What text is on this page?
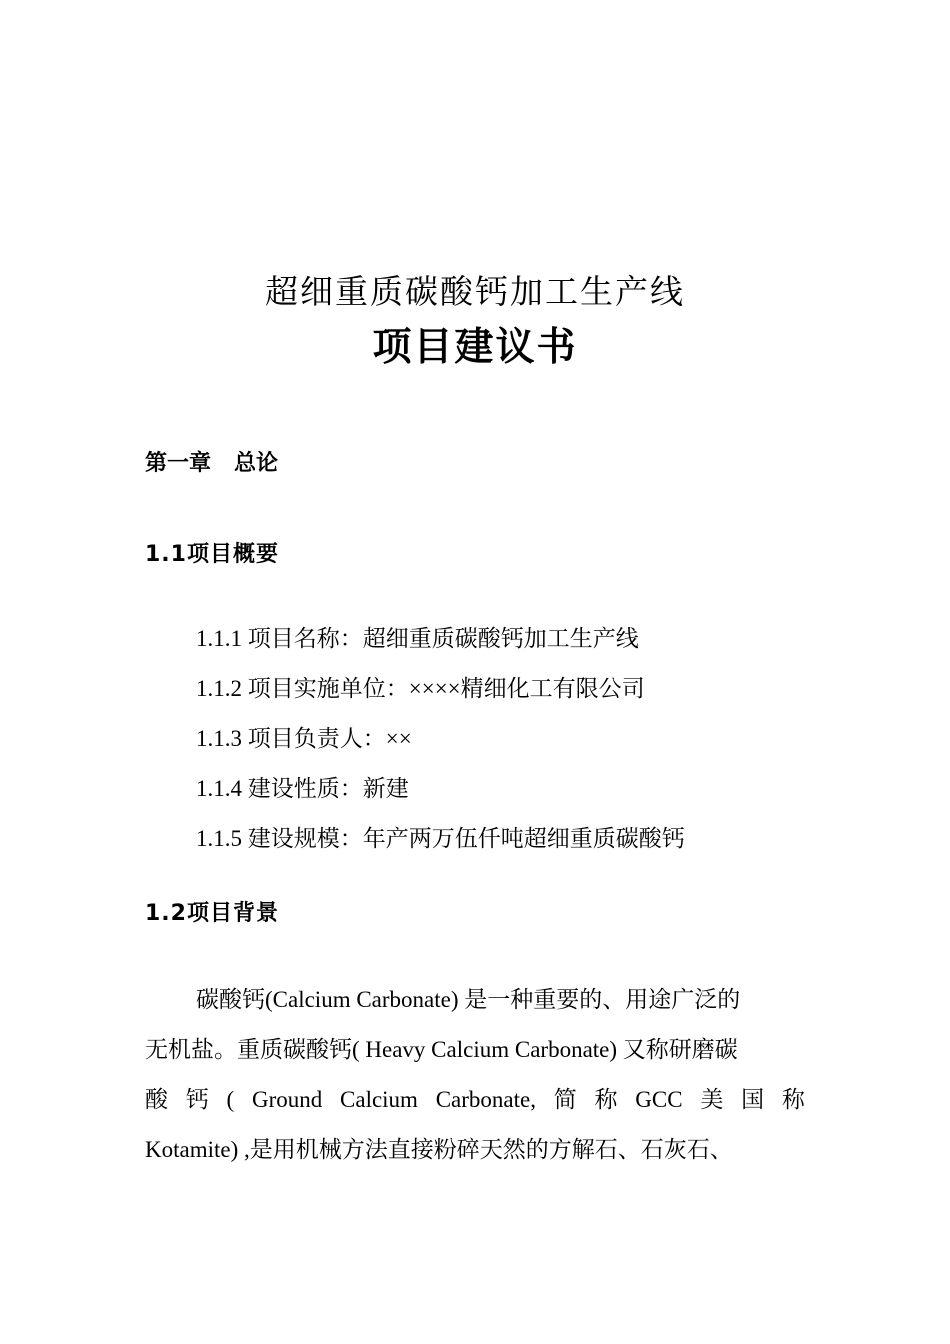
超细重质碳酸钙加工生产线
项目建议书
第一章   总论
1.1项目概要
1.1.1 项目名称：超细重质碳酸钙加工生产线
1.1.2 项目实施单位：××××精细化工有限公司
1.1.3 项目负责人：××
1.1.4 建设性质：新建
1.1.5 建设规模：年产两万伍仟吨超细重质碳酸钙
1.2项目背景
碳酸钙(Calcium Carbonate) 是一种重要的、用途广泛的
无机盐。重质碳酸钙( Heavy Calcium Carbonate) 又称研磨碳
酸 钙 ( Ground Calcium Carbonate, 简 称 GCC 美 国 称
Kotamite) ,是用机械方法直接粉碎天然的方解石、石灰石、
